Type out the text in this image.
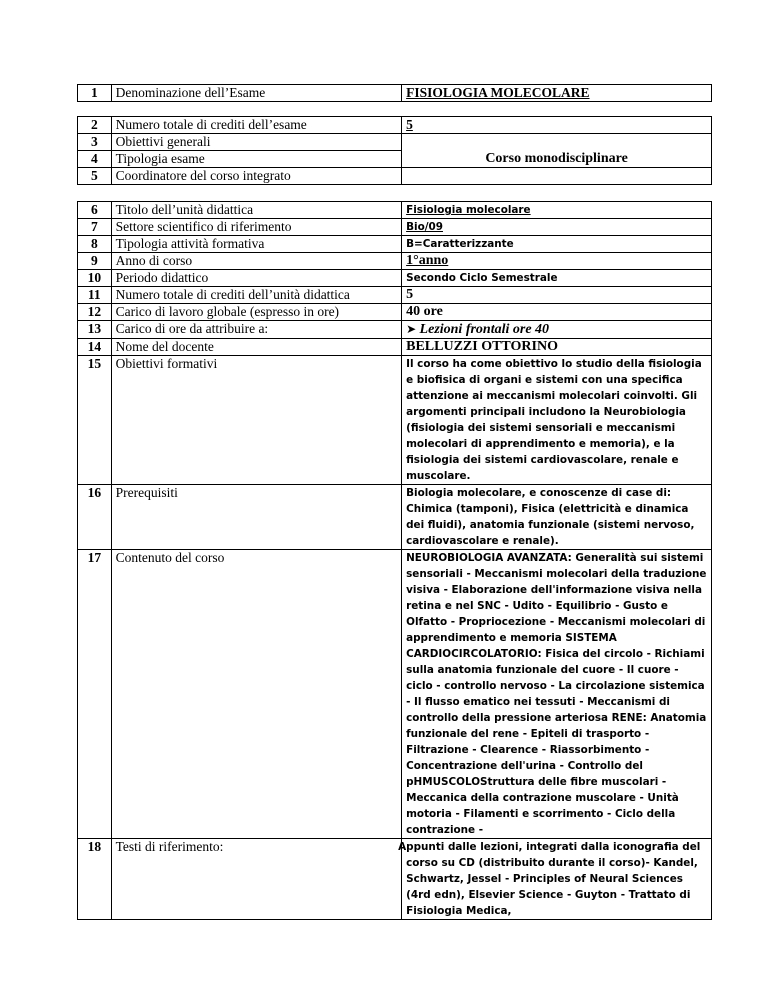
1	Denominazione dell’Esame	FISIOLOGIA MOLECOLARE
2	Numero totale di crediti dell’esame	5
3	Obiettivi generali	Corso monodisciplinare

4	Tipologia esame	
5	Coordinatore del corso integrato	
6	Titolo dell’unità didattica	Fisiologia molecolare
7	Settore scientifico di riferimento	Bio/09
8	Tipologia attività formativa	B=Caratterizzante
9	Anno di corso	1°anno
10	Periodo didattico	Secondo Ciclo Semestrale
11	Numero totale di crediti dell’unità didattica	5
12	Carico di lavoro globale (espresso in ore)	40 ore
13	Carico di ore da attribuire a:	➤ Lezioni frontali ore 40
14	Nome del docente	BELLUZZI OTTORINO
15	Obiettivi formativi	Il corso ha come obiettivo lo studio della fisiologia e biofisica di organi e sistemi con una specifica attenzione ai meccanismi molecolari coinvolti. Gli argomenti principali includono la Neurobiologia (fisiologia dei sistemi sensoriali e meccanismi molecolari di apprendimento e memoria), e la fisiologia dei sistemi cardiovascolare, renale e muscolare.
16	Prerequisiti	Biologia molecolare, e conoscenze di case di: Chimica (tamponi), Fisica (elettricità e dinamica dei fluidi), anatomia funzionale (sistemi nervoso, cardiovascolare e renale).
17	Contenuto del corso	NEUROBIOLOGIA AVANZATA: Generalità sui sistemi sensoriali - Meccanismi molecolari della traduzione visiva - Elaborazione dell'informazione visiva nella retina e nel SNC - Udito - Equilibrio - Gusto e Olfatto - Propriocezione - Meccanismi molecolari di apprendimento e memoria SISTEMA CARDIOCIRCOLATORIO: Fisica del circolo - Richiami sulla anatomia funzionale del cuore - Il cuore - ciclo - controllo nervoso - La circolazione sistemica - Il flusso ematico nei tessuti - Meccanismi di controllo della pressione arteriosa RENE: Anatomia funzionale del rene - Epiteli di trasporto - Filtrazione - Clearence - Riassorbimento - Concentrazione dell'urina - Controllo del pHMUSCOLOStruttura delle fibre muscolari - Meccanica della contrazione muscolare - Unità motoria - Filamenti e scorrimento - Ciclo della contrazione -
18	Testi di riferimento:	Appunti dalle lezioni, integrati dalla iconografia del corso su CD (distribuito durante il corso)- Kandel, Schwartz, Jessel - Principles of Neural Sciences (4rd edn), Elsevier Science - Guyton - Trattato di Fisiologia Medica,
